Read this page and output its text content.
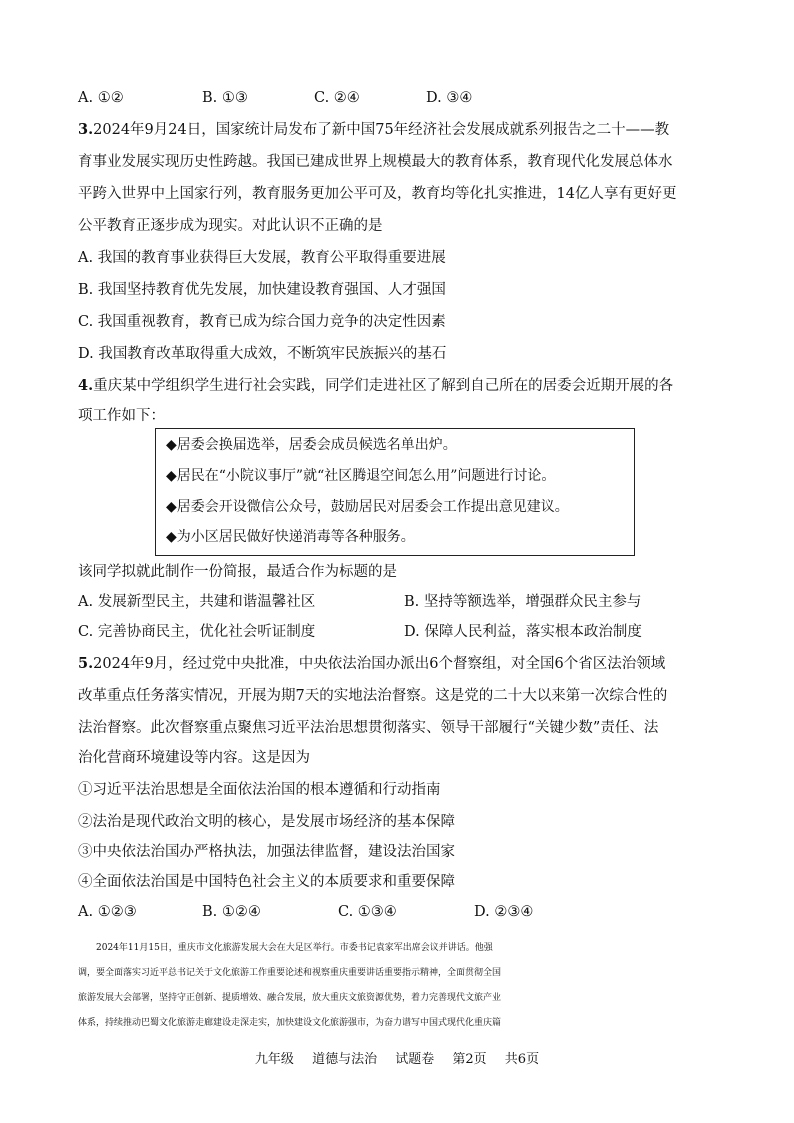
A. ①②	B. ①③	C. ②④	D. ③④
3.2024年9月24日，国家统计局发布了新中国75年经济社会发展成就系列报告之二十——教
育事业发展实现历史性跨越。我国已建成世界上规模最大的教育体系，教育现代化发展总体水
平跨入世界中上国家行列，教育服务更加公平可及，教育均等化扎实推进，14亿人享有更好更
公平教育正逐步成为现实。对此认识不正确的是
A. 我国的教育事业获得巨大发展，教育公平取得重要进展
B. 我国坚持教育优先发展，加快建设教育强国、人才强国
C. 我国重视教育，教育已成为综合国力竞争的决定性因素
D. 我国教育改革取得重大成效，不断筑牢民族振兴的基石
4.重庆某中学组织学生进行社会实践，同学们走进社区了解到自己所在的居委会近期开展的各
项工作如下：
◆居委会换届选举，居委会成员候选名单出炉。
◆居民在“小院议事厅”就“社区腾退空间怎么用”问题进行讨论。
◆居委会开设微信公众号，鼓励居民对居委会工作提出意见建议。
◆为小区居民做好快递消毒等各种服务。
该同学拟就此制作一份简报，最适合作为标题的是
A. 发展新型民主，共建和谐温馨社区	B. 坚持等额选举，增强群众民主参与
C. 完善协商民主，优化社会听证制度	D. 保障人民利益，落实根本政治制度
5.2024年9月，经过党中央批准，中央依法治国办派出6个督察组，对全国6个省区法治领域
改革重点任务落实情况，开展为期7天的实地法治督察。这是党的二十大以来第一次综合性的
法治督察。此次督察重点聚焦习近平法治思想贯彻落实、领导干部履行“关键少数”责任、法
治化营商环境建设等内容。这是因为
①习近平法治思想是全面依法治国的根本遵循和行动指南
②法治是现代政治文明的核心，是发展市场经济的基本保障
③中央依法治国办严格执法，加强法律监督，建设法治国家
④全面依法治国是中国特色社会主义的本质要求和重要保障
A. ①②③	B. ①②④	C. ①③④	D. ②③④
　　2024年11月15日，重庆市文化旅游发展大会在大足区举行。市委书记袁家军出席会议并讲话。他强
调，要全面落实习近平总书记关于文化旅游工作重要论述和视察重庆重要讲话重要指示精神，全面贯彻全国
旅游发展大会部署，坚持守正创新、提质增效、融合发展，放大重庆文旅资源优势，着力完善现代文旅产业
体系，持续推动巴蜀文化旅游走廊建设走深走实，加快建设文化旅游强市，为奋力谱写中国式现代化重庆篇
九年级 道德与法治 试题卷 第2页 共6页
